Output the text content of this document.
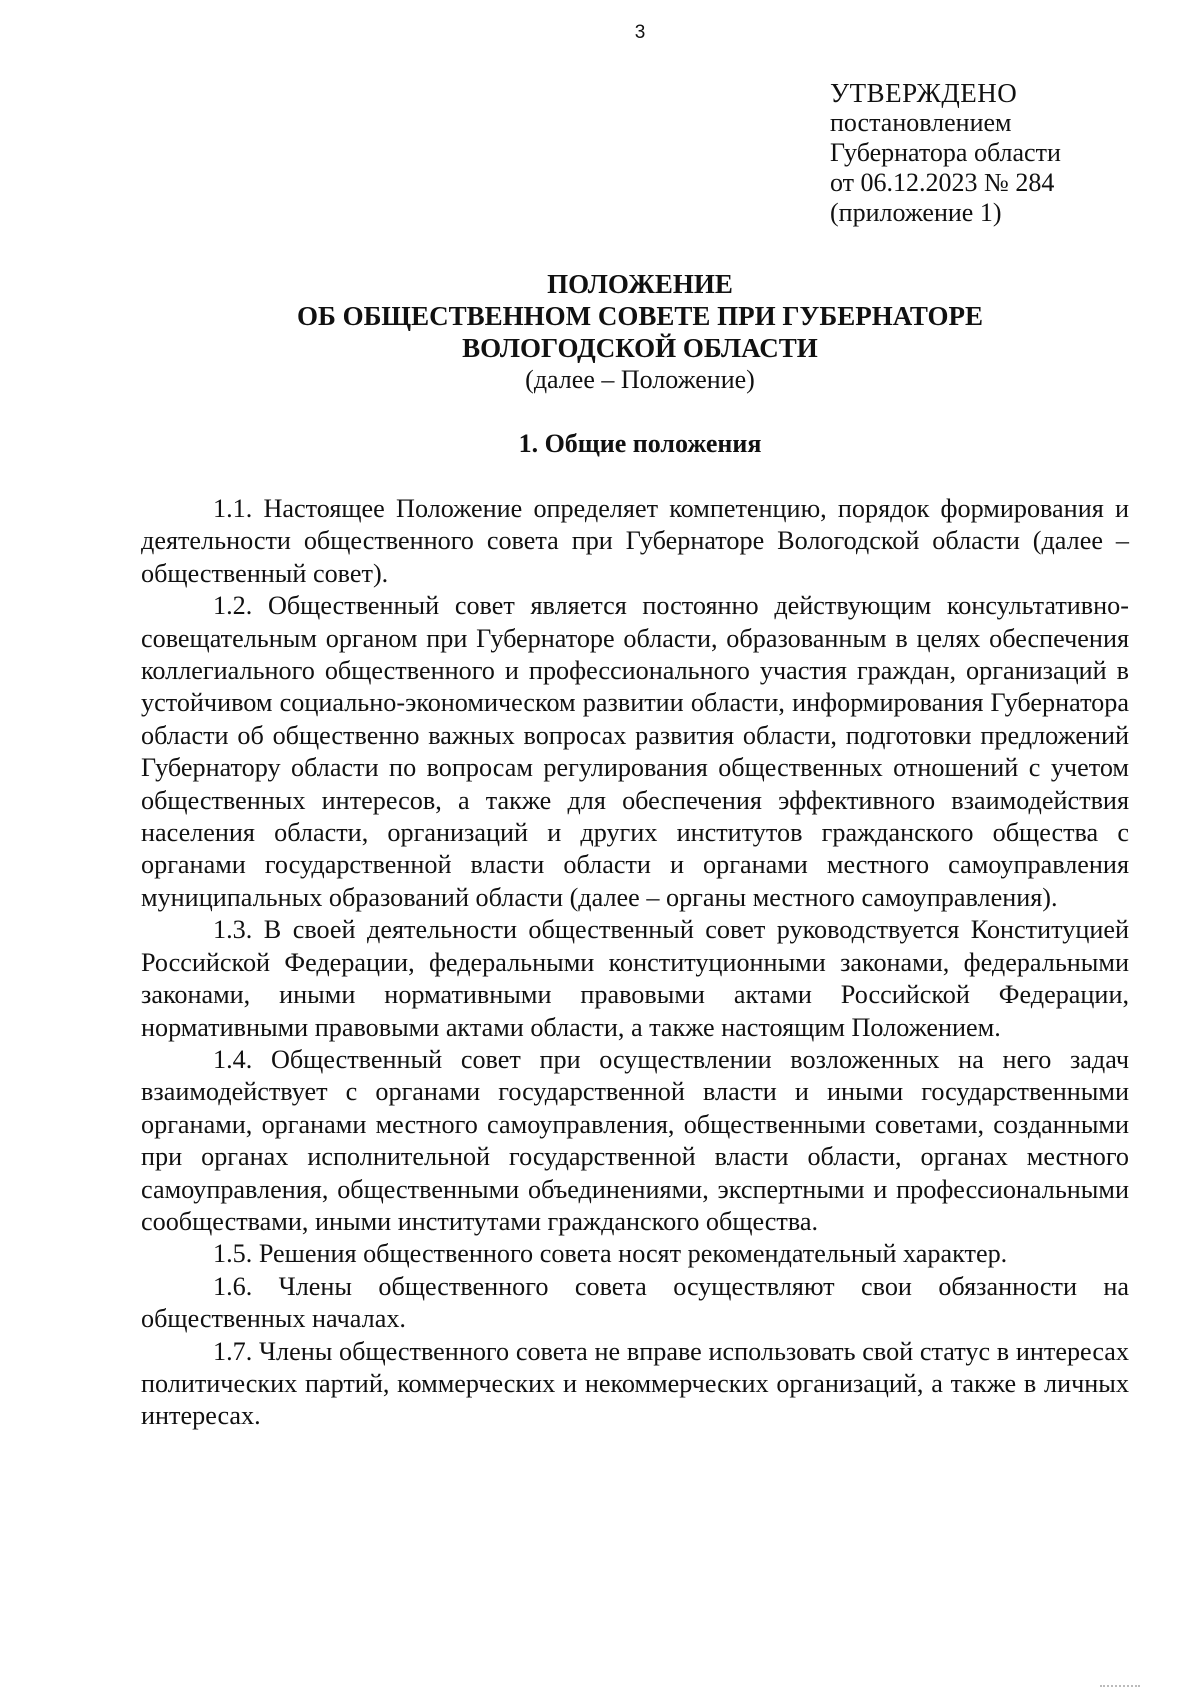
3
УТВЕРЖДЕНО
постановлением
Губернатора области
от 06.12.2023 № 284
(приложение 1)
ПОЛОЖЕНИЕ
ОБ ОБЩЕСТВЕННОМ СОВЕТЕ ПРИ ГУБЕРНАТОРЕ
ВОЛОГОДСКОЙ ОБЛАСТИ
(далее – Положение)
1. Общие положения

1.1. Настоящее Положение определяет компетенцию, порядок формирования и деятельности общественного совета при Губернаторе Вологодской области (далее – общественный совет).

1.2. Общественный совет является постоянно действующим консультативно-совещательным органом при Губернаторе области, образованным в целях обеспечения коллегиального общественного и профессионального участия граждан, организаций в устойчивом социально-экономическом развитии области, информирования Губернатора области об общественно важных вопросах развития области, подготовки предложений Губернатору области по вопросам регулирования общественных отношений с учетом общественных интересов, а также для обеспечения эффективного взаимодействия населения области, организаций и других институтов гражданского общества с органами государственной власти области и органами местного самоуправления муниципальных образований области (далее – органы местного самоуправления).

1.3. В своей деятельности общественный совет руководствуется Конституцией Российской Федерации, федеральными конституционными законами, федеральными законами, иными нормативными правовыми актами Российской Федерации, нормативными правовыми актами области, а также настоящим Положением.

1.4. Общественный совет при осуществлении возложенных на него задач взаимодействует с органами государственной власти и иными государственными органами, органами местного самоуправления, общественными советами, созданными при органах исполнительной государственной власти области, органах местного самоуправления, общественными объединениями, экспертными и профессиональными сообществами, иными институтами гражданского общества.

1.5. Решения общественного совета носят рекомендательный характер.

1.6. Члены общественного совета осуществляют свои обязанности на общественных началах.

1.7. Члены общественного совета не вправе использовать свой статус в интересах политических партий, коммерческих и некоммерческих организаций, а также в личных интересах.
